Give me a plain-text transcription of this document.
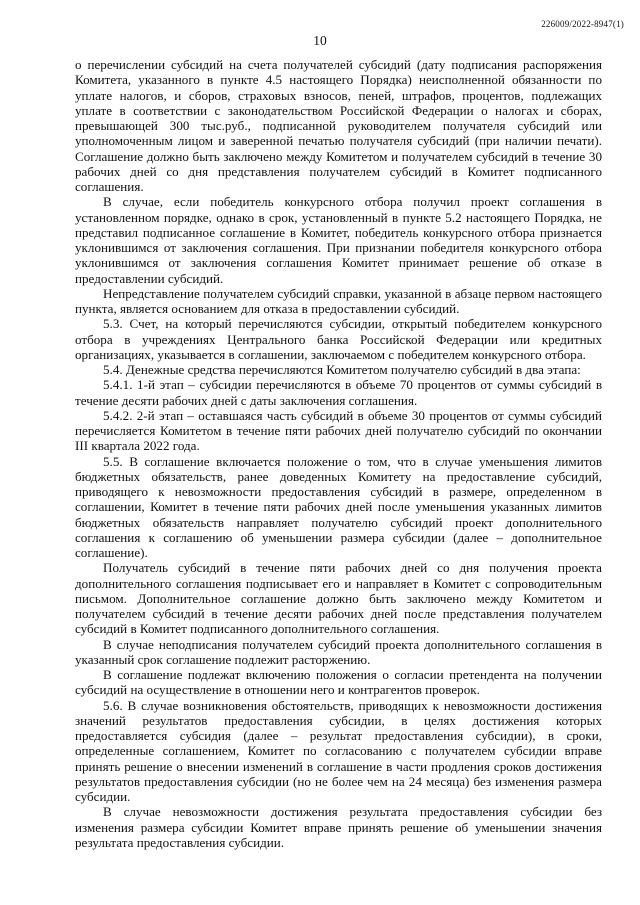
226009/2022-8947(1)
10

о перечислении субсидий на счета получателей субсидий (дату подписания распоряжения Комитета, указанного в пункте 4.5 настоящего Порядка) неисполненной обязанности по уплате налогов, и сборов, страховых взносов, пеней, штрафов, процентов, подлежащих уплате в соответствии с законодательством Российской Федерации о налогах и сборах, превышающей 300 тыс.руб., подписанной руководителем получателя субсидий или уполномоченным лицом и заверенной печатью получателя субсидий (при наличии печати). Соглашение должно быть заключено между Комитетом и получателем субсидий в течение 30 рабочих дней со дня представления получателем субсидий в Комитет подписанного соглашения.

В случае, если победитель конкурсного отбора получил проект соглашения в установленном порядке, однако в срок, установленный в пункте 5.2 настоящего Порядка, не представил подписанное соглашение в Комитет, победитель конкурсного отбора признается уклонившимся от заключения соглашения. При признании победителя конкурсного отбора уклонившимся от заключения соглашения Комитет принимает решение об отказе в предоставлении субсидий.

Непредставление получателем субсидий справки, указанной в абзаце первом настоящего пункта, является основанием для отказа в предоставлении субсидий.

5.3. Счет, на который перечисляются субсидии, открытый победителем конкурсного отбора в учреждениях Центрального банка Российской Федерации или кредитных организациях, указывается в соглашении, заключаемом с победителем конкурсного отбора.

5.4. Денежные средства перечисляются Комитетом получателю субсидий в два этапа:

5.4.1. 1-й этап – субсидии перечисляются в объеме 70 процентов от суммы субсидий в течение десяти рабочих дней с даты заключения соглашения.

5.4.2. 2-й этап – оставшаяся часть субсидий в объеме 30 процентов от суммы субсидий перечисляется Комитетом в течение пяти рабочих дней получателю субсидий по окончании III квартала 2022 года.

5.5. В соглашение включается положение о том, что в случае уменьшения лимитов бюджетных обязательств, ранее доведенных Комитету на предоставление субсидий, приводящего к невозможности предоставления субсидий в размере, определенном в соглашении, Комитет в течение пяти рабочих дней после уменьшения указанных лимитов бюджетных обязательств направляет получателю субсидий проект дополнительного соглашения к соглашению об уменьшении размера субсидии (далее – дополнительное соглашение).

Получатель субсидий в течение пяти рабочих дней со дня получения проекта дополнительного соглашения подписывает его и направляет в Комитет с сопроводительным письмом. Дополнительное соглашение должно быть заключено между Комитетом и получателем субсидий в течение десяти рабочих дней после представления получателем субсидий в Комитет подписанного дополнительного соглашения.

В случае неподписания получателем субсидий проекта дополнительного соглашения в указанный срок соглашение подлежит расторжению.

В соглашение подлежат включению положения о согласии претендента на получении субсидий на осуществление в отношении него и контрагентов проверок.

5.6. В случае возникновения обстоятельств, приводящих к невозможности достижения значений результатов предоставления субсидии, в целях достижения которых предоставляется субсидия (далее – результат предоставления субсидии), в сроки, определенные соглашением, Комитет по согласованию с получателем субсидии вправе принять решение о внесении изменений в соглашение в части продления сроков достижения результатов предоставления субсидии (но не более чем на 24 месяца) без изменения размера субсидии.

В случае невозможности достижения результата предоставления субсидии без изменения размера субсидии Комитет вправе принять решение об уменьшении значения результата предоставления субсидии.
